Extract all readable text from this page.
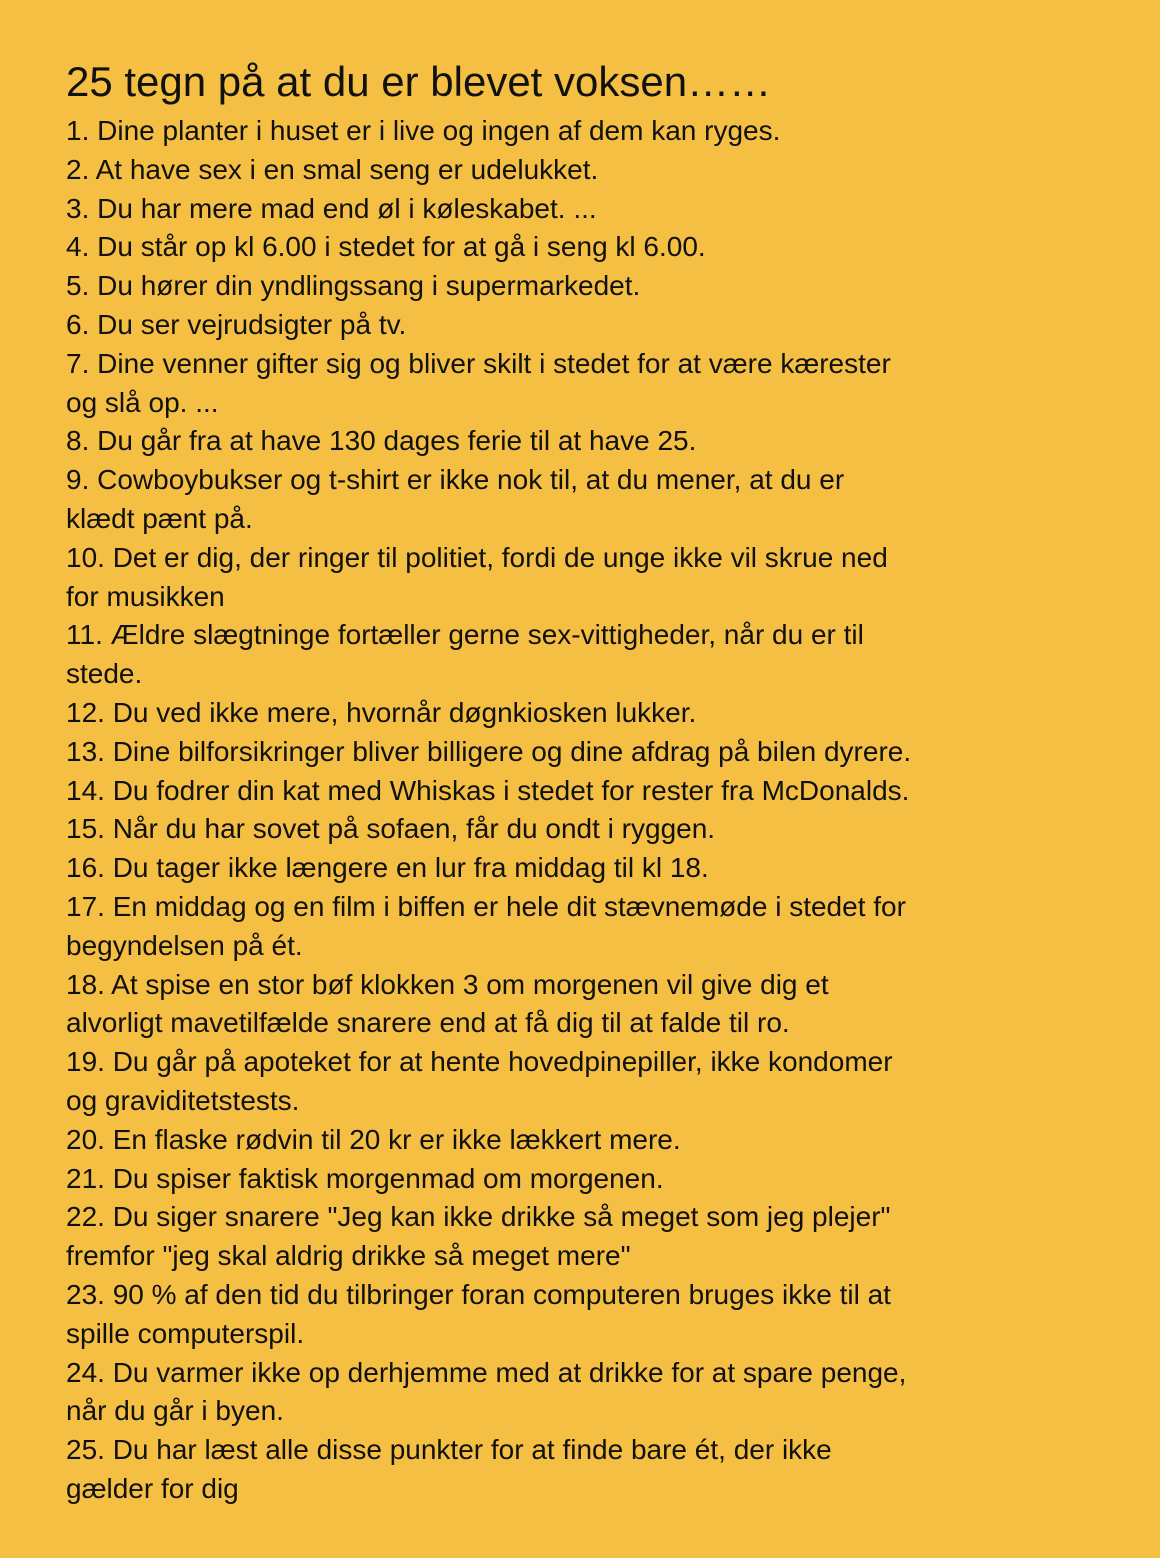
25 tegn på at du er blevet voksen……
1. Dine planter i huset er i live og ingen af dem kan ryges.
2. At have sex i en smal seng er udelukket.
3. Du har mere mad end øl i køleskabet. ...
4. Du står op kl 6.00 i stedet for at gå i seng kl 6.00.
5. Du hører din yndlingssang i supermarkedet.
6. Du ser vejrudsigter på tv.
7. Dine venner gifter sig og bliver skilt i stedet for at være kærester
og slå op. ...
8. Du går fra at have 130 dages ferie til at have 25.
9. Cowboybukser og t-shirt er ikke nok til, at du mener, at du er
klædt pænt på.
10. Det er dig, der ringer til politiet, fordi de unge ikke vil skrue ned
for musikken
11. Ældre slægtninge fortæller gerne sex-vittigheder, når du er til
stede.
12. Du ved ikke mere, hvornår døgnkiosken lukker.
13. Dine bilforsikringer bliver billigere og dine afdrag på bilen dyrere.
14. Du fodrer din kat med Whiskas i stedet for rester fra McDonalds.
15. Når du har sovet på sofaen, får du ondt i ryggen.
16. Du tager ikke længere en lur fra middag til kl 18.
17. En middag og en film i biffen er hele dit stævnemøde i stedet for
begyndelsen på ét.
18. At spise en stor bøf klokken 3 om morgenen vil give dig et
alvorligt mavetilfælde snarere end at få dig til at falde til ro.
19. Du går på apoteket for at hente hovedpinepiller, ikke kondomer
og graviditetstests.
20. En flaske rødvin til 20 kr er ikke lækkert mere.
21. Du spiser faktisk morgenmad om morgenen.
22. Du siger snarere "Jeg kan ikke drikke så meget som jeg plejer"
fremfor "jeg skal aldrig drikke så meget mere"
23. 90 % af den tid du tilbringer foran computeren bruges ikke til at
spille computerspil.
24. Du varmer ikke op derhjemme med at drikke for at spare penge,
når du går i byen.
25. Du har læst alle disse punkter for at finde bare ét, der ikke
gælder for dig
